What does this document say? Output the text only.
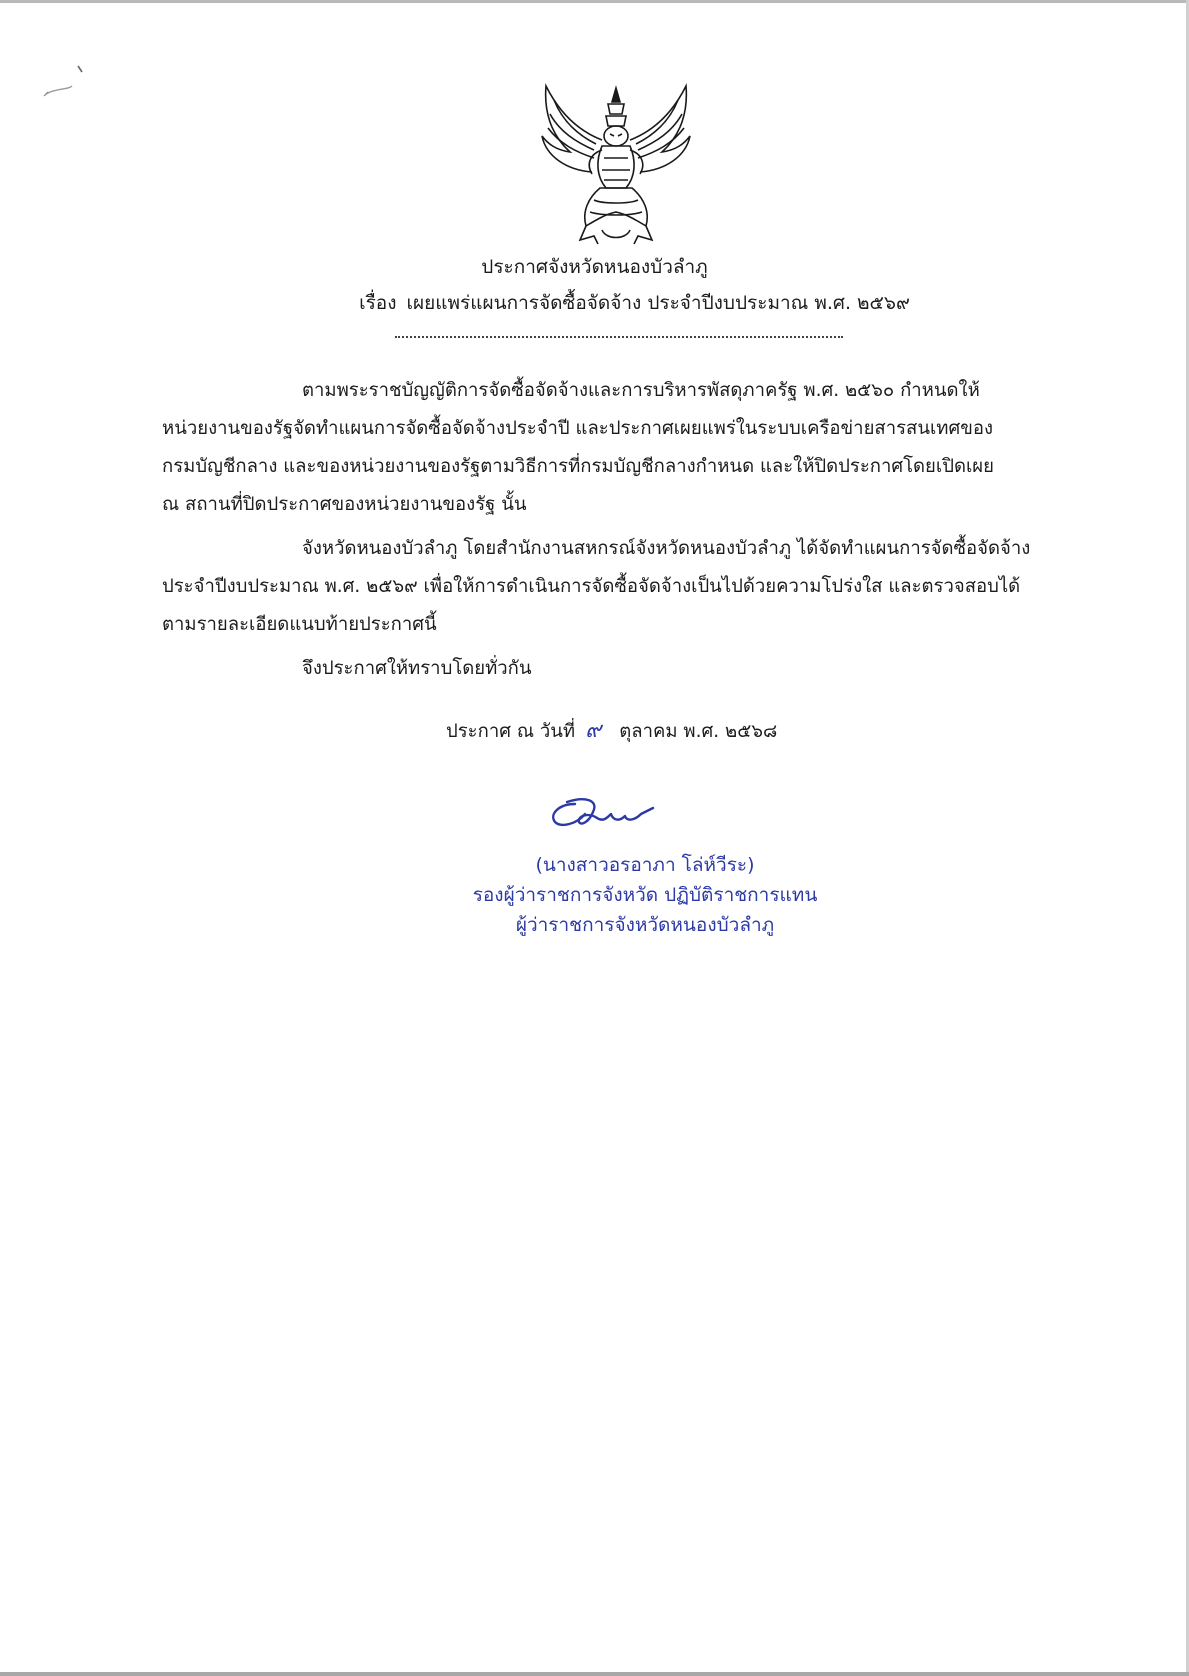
ประกาศจังหวัดหนองบัวลำภู
เรื่อง เผยแพร่แผนการจัดซื้อจัดจ้าง ประจำปีงบประมาณ พ.ศ. ๒๕๖๙
ตามพระราชบัญญัติการจัดซื้อจัดจ้างและการบริหารพัสดุภาครัฐ พ.ศ. ๒๕๖๐ กำหนดให้
หน่วยงานของรัฐจัดทำแผนการจัดซื้อจัดจ้างประจำปี และประกาศเผยแพร่ในระบบเครือข่ายสารสนเทศของ
กรมบัญชีกลาง และของหน่วยงานของรัฐตามวิธีการที่กรมบัญชีกลางกำหนด และให้ปิดประกาศโดยเปิดเผย
ณ สถานที่ปิดประกาศของหน่วยงานของรัฐ นั้น
จังหวัดหนองบัวลำภู โดยสำนักงานสหกรณ์จังหวัดหนองบัวลำภู ได้จัดทำแผนการจัดซื้อจัดจ้าง
ประจำปีงบประมาณ พ.ศ. ๒๕๖๙ เพื่อให้การดำเนินการจัดซื้อจัดจ้างเป็นไปด้วยความโปร่งใส และตรวจสอบได้
ตามรายละเอียดแนบท้ายประกาศนี้
จึงประกาศให้ทราบโดยทั่วกัน
ประกาศ ณ วันที่ ๙ ตุลาคม พ.ศ. ๒๕๖๘
(นางสาวอรอาภา โล่ห์วีระ)
รองผู้ว่าราชการจังหวัด ปฏิบัติราชการแทน
ผู้ว่าราชการจังหวัดหนองบัวลำภู
